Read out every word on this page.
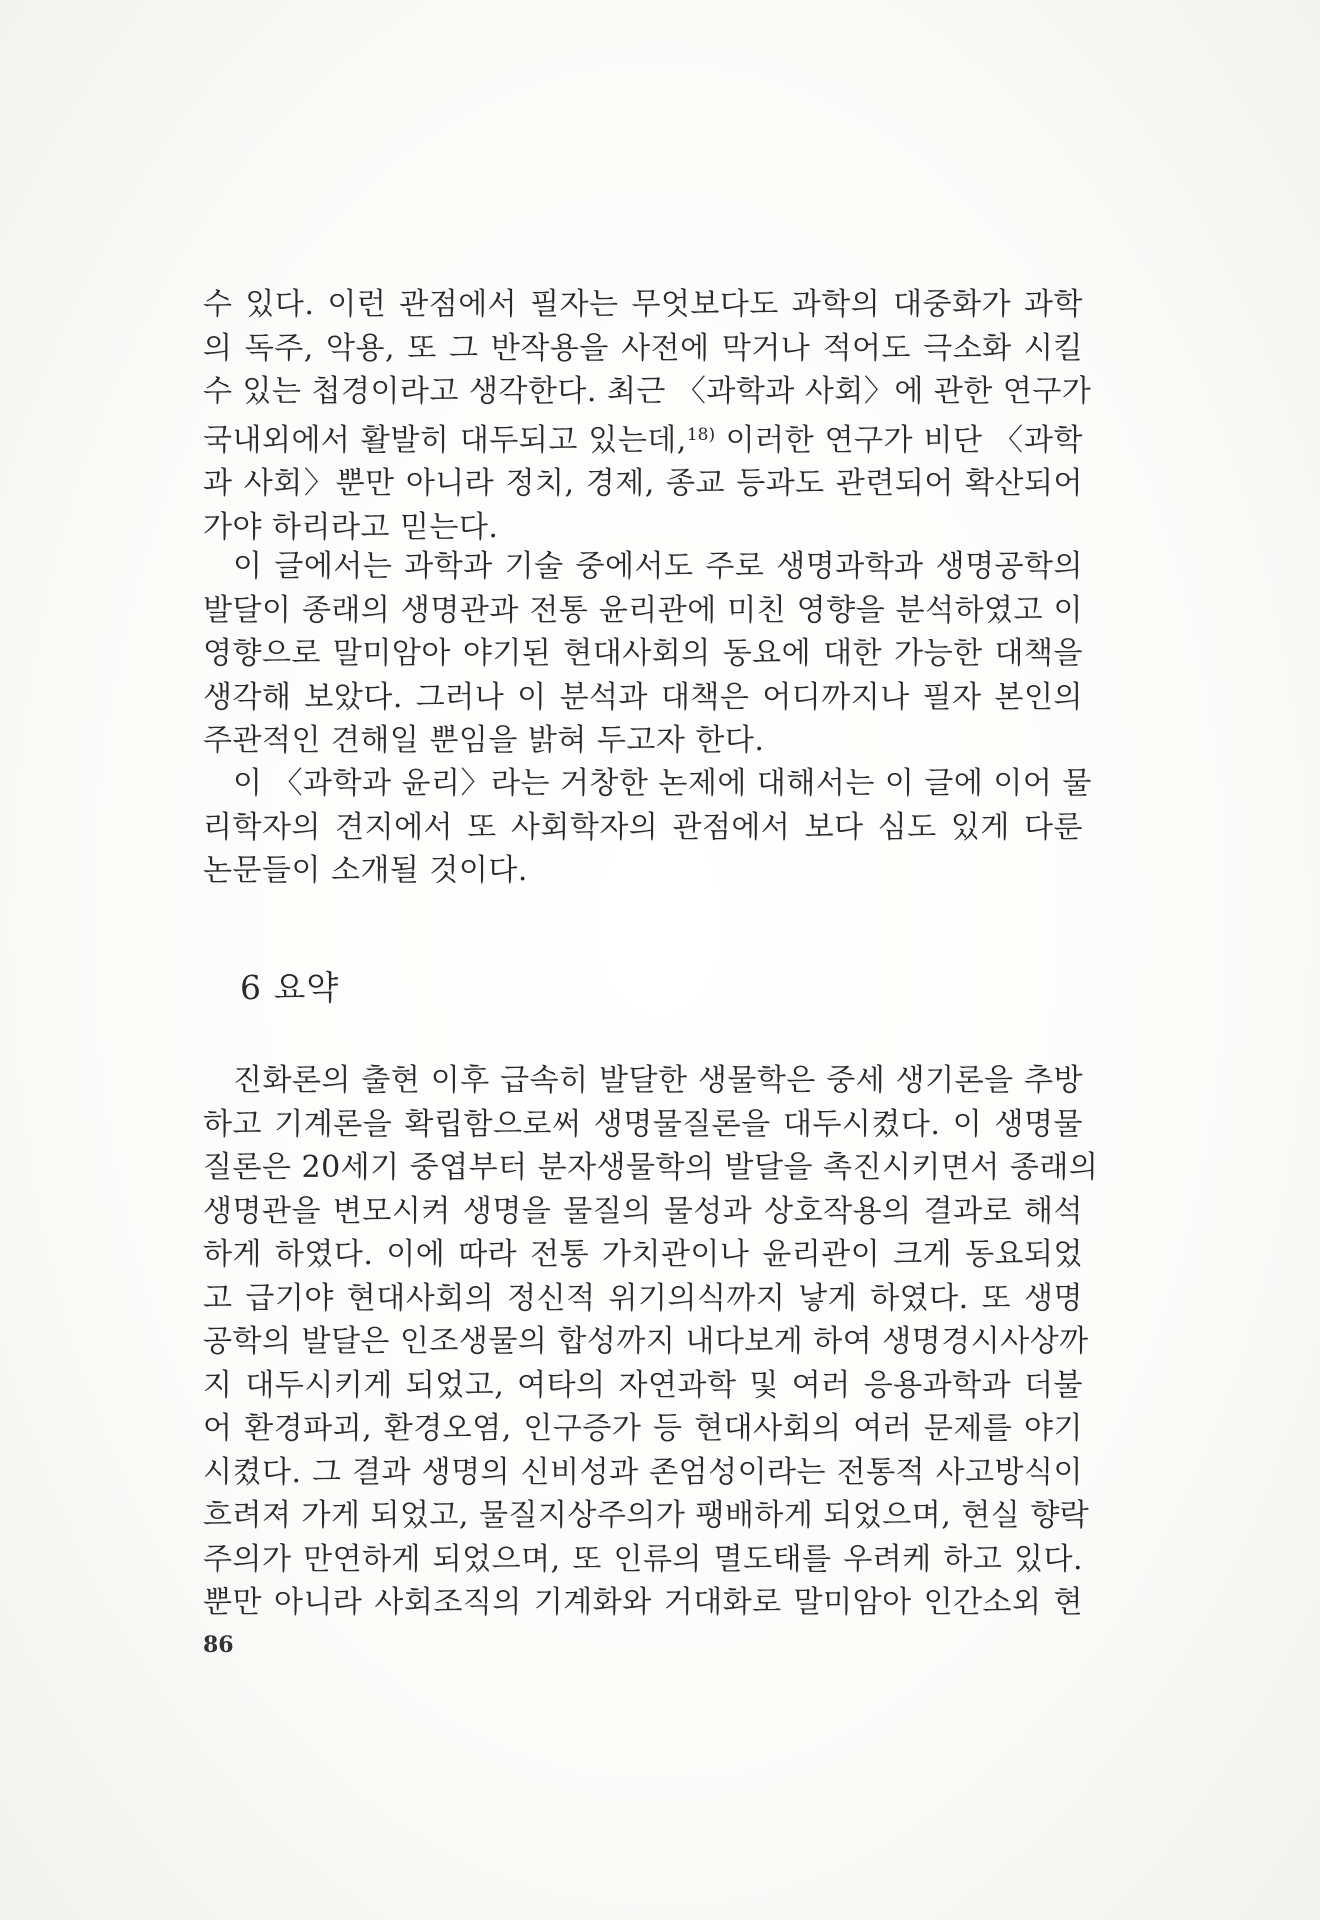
수 있다. 이런 관점에서 필자는 무엇보다도 과학의 대중화가 과학
의 독주, 악용, 또 그 반작용을 사전에 막거나 적어도 극소화 시킬
수 있는 첩경이라고 생각한다. 최근 〈과학과 사회〉에 관한 연구가
국내외에서 활발히 대두되고 있는데,$^{18)}$ 이러한 연구가 비단 〈과학
과 사회〉뿐만 아니라 정치, 경제, 종교 등과도 관련되어 확산되어
가야 하리라고 믿는다.
이 글에서는 과학과 기술 중에서도 주로 생명과학과 생명공학의
발달이 종래의 생명관과 전통 윤리관에 미친 영향을 분석하였고 이
영향으로 말미암아 야기된 현대사회의 동요에 대한 가능한 대책을
생각해 보았다. 그러나 이 분석과 대책은 어디까지나 필자 본인의
주관적인 견해일 뿐임을 밝혀 두고자 한다.
이 〈과학과 윤리〉라는 거창한 논제에 대해서는 이 글에 이어 물
리학자의 견지에서 또 사회학자의 관점에서 보다 심도 있게 다룬
논문들이 소개될 것이다.
6 요약
진화론의 출현 이후 급속히 발달한 생물학은 중세 생기론을 추방
하고 기계론을 확립함으로써 생명물질론을 대두시켰다. 이 생명물
질론은 20세기 중엽부터 분자생물학의 발달을 촉진시키면서 종래의
생명관을 변모시켜 생명을 물질의 물성과 상호작용의 결과로 해석
하게 하였다. 이에 따라 전통 가치관이나 윤리관이 크게 동요되었
고 급기야 현대사회의 정신적 위기의식까지 낳게 하였다. 또 생명
공학의 발달은 인조생물의 합성까지 내다보게 하여 생명경시사상까
지 대두시키게 되었고, 여타의 자연과학 및 여러 응용과학과 더불
어 환경파괴, 환경오염, 인구증가 등 현대사회의 여러 문제를 야기
시켰다. 그 결과 생명의 신비성과 존엄성이라는 전통적 사고방식이
흐려져 가게 되었고, 물질지상주의가 팽배하게 되었으며, 현실 향락
주의가 만연하게 되었으며, 또 인류의 멸도태를 우려케 하고 있다.
뿐만 아니라 사회조직의 기계화와 거대화로 말미암아 인간소외 현
86
